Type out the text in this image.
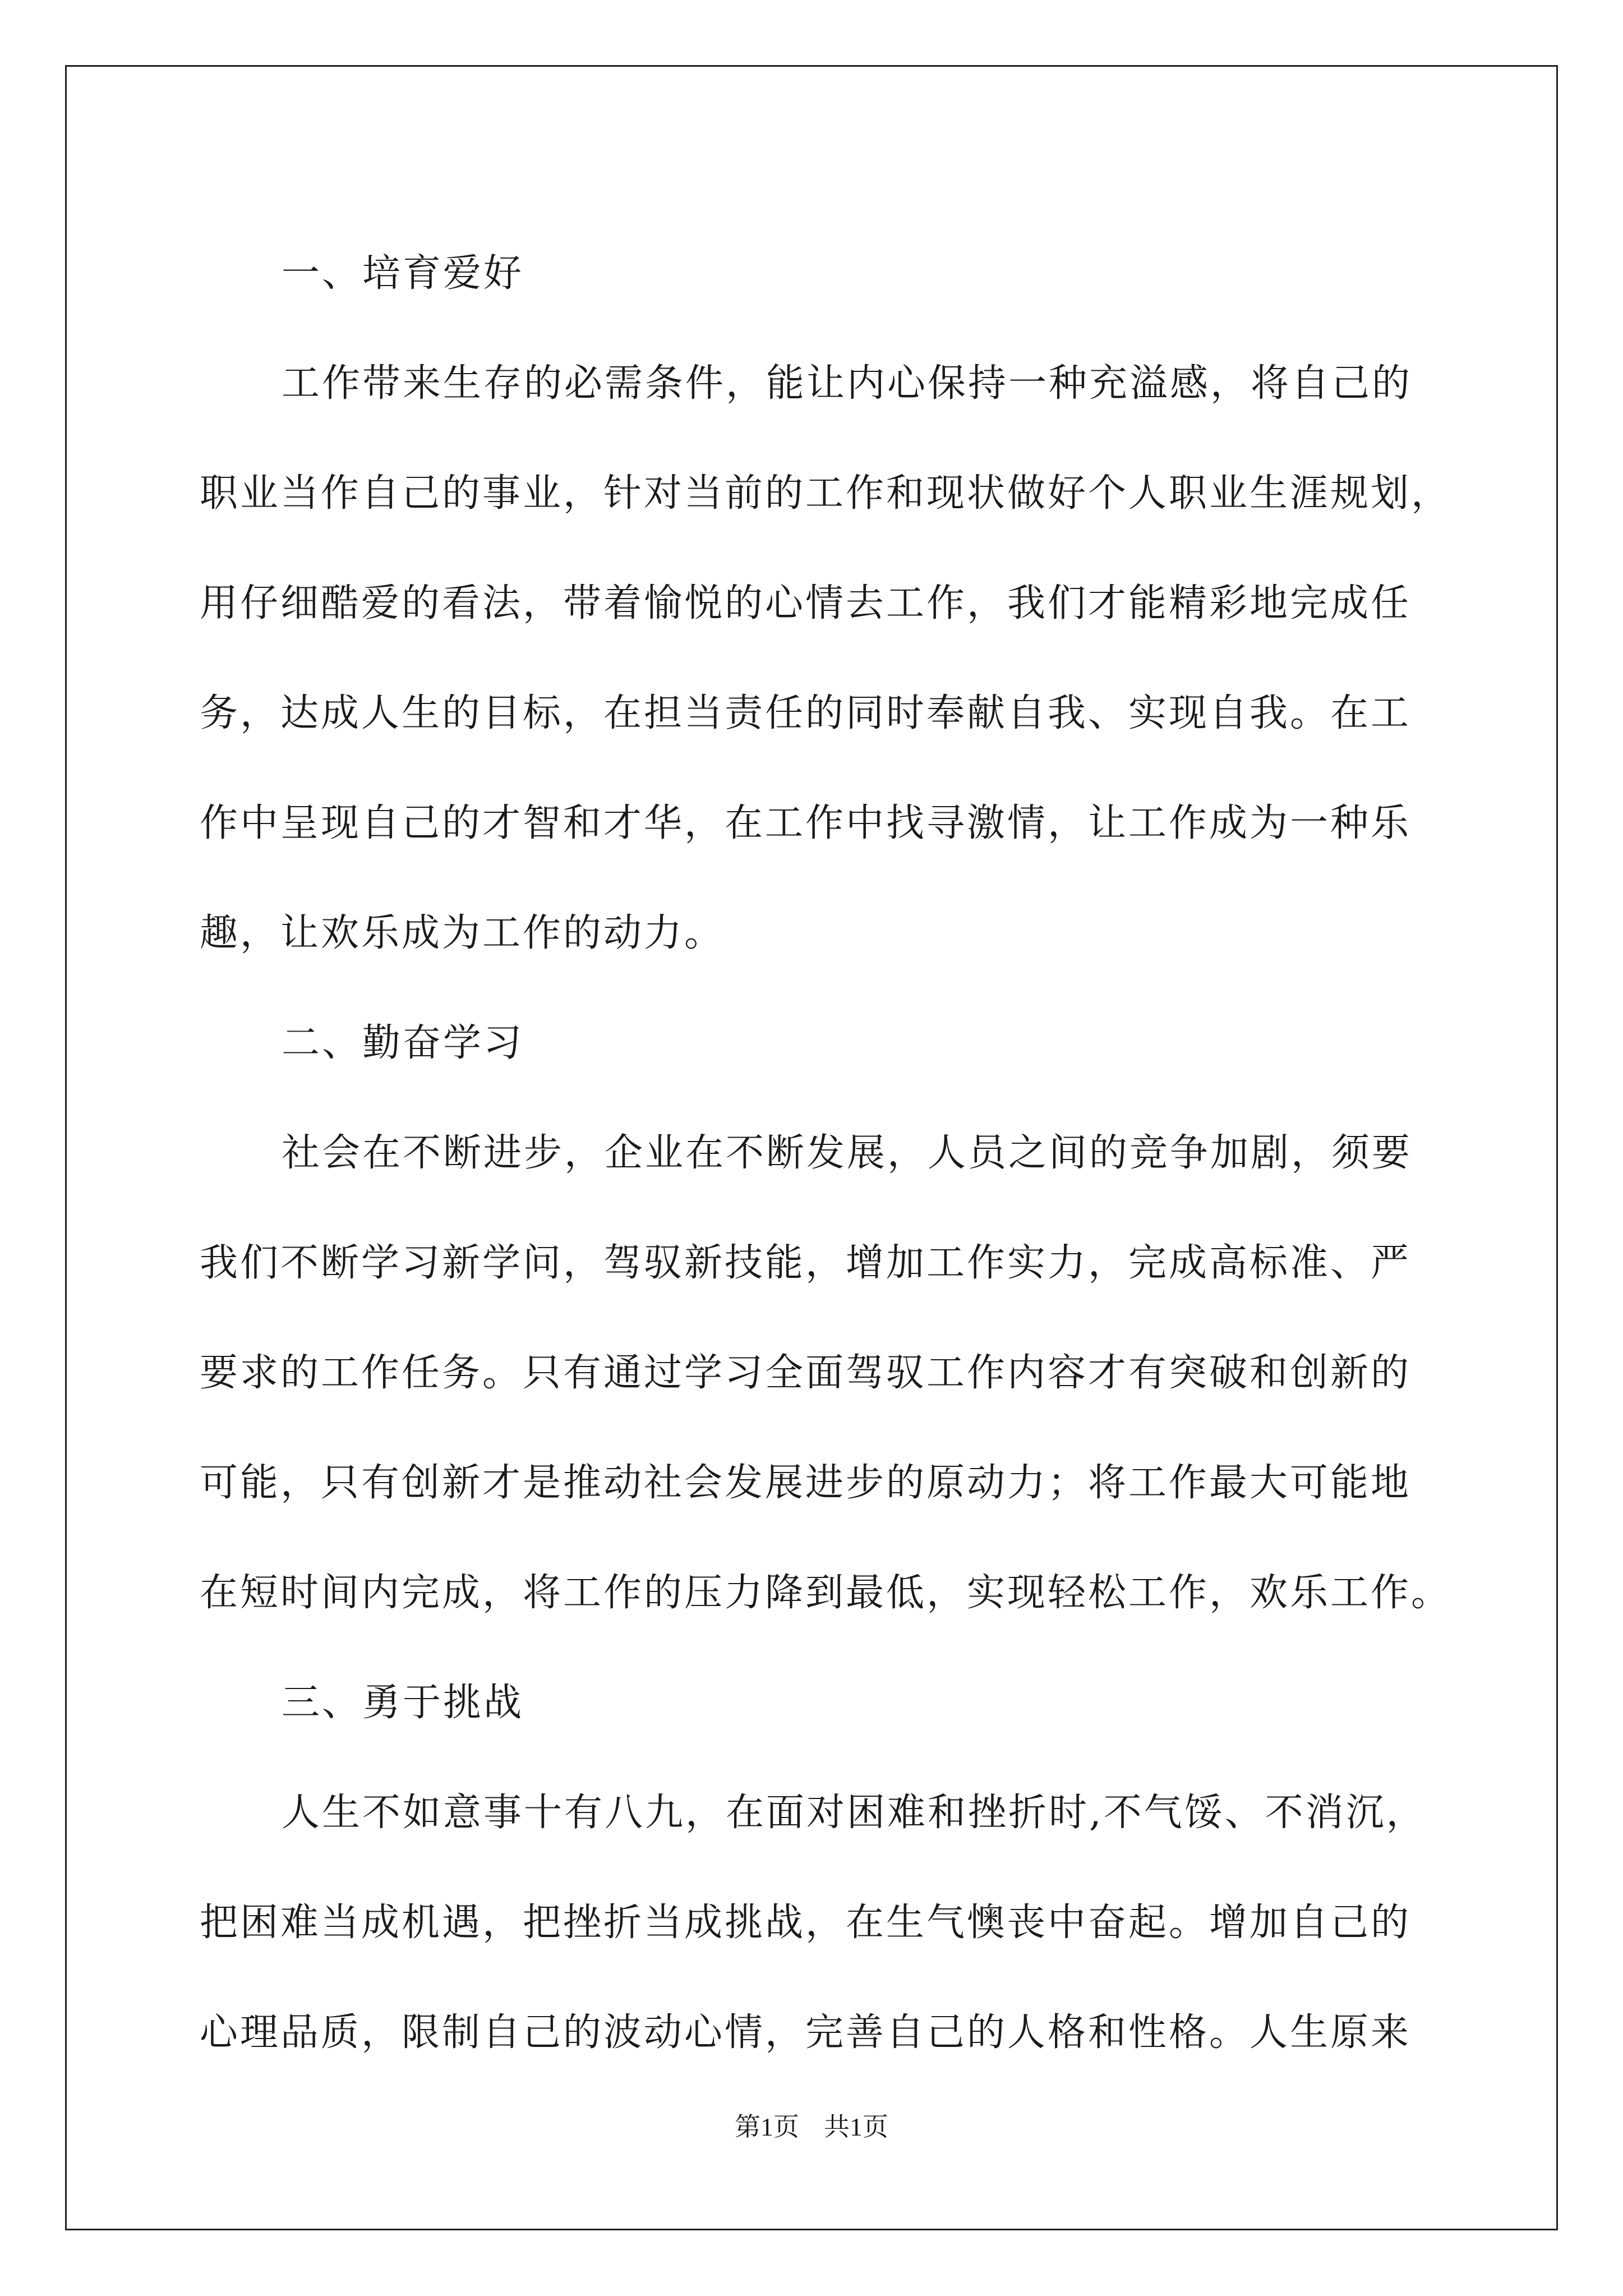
一、培育爱好
工作带来生存的必需条件，能让内心保持一种充溢感，将自己的
职业当作自己的事业，针对当前的工作和现状做好个人职业生涯规划，
用仔细酷爱的看法，带着愉悦的心情去工作，我们才能精彩地完成任
务，达成人生的目标，在担当责任的同时奉献自我、实现自我。在工
作中呈现自己的才智和才华，在工作中找寻激情，让工作成为一种乐
趣，让欢乐成为工作的动力。
二、勤奋学习
社会在不断进步，企业在不断发展，人员之间的竞争加剧，须要
我们不断学习新学问，驾驭新技能，增加工作实力，完成高标准、严
要求的工作任务。只有通过学习全面驾驭工作内容才有突破和创新的
可能，只有创新才是推动社会发展进步的原动力；将工作最大可能地
在短时间内完成，将工作的压力降到最低，实现轻松工作，欢乐工作。
三、勇于挑战
人生不如意事十有八九，在面对困难和挫折时,不气馁、不消沉，
把困难当成机遇，把挫折当成挑战，在生气懊丧中奋起。增加自己的
心理品质，限制自己的波动心情，完善自己的人格和性格。人生原来
第1页 共1页
